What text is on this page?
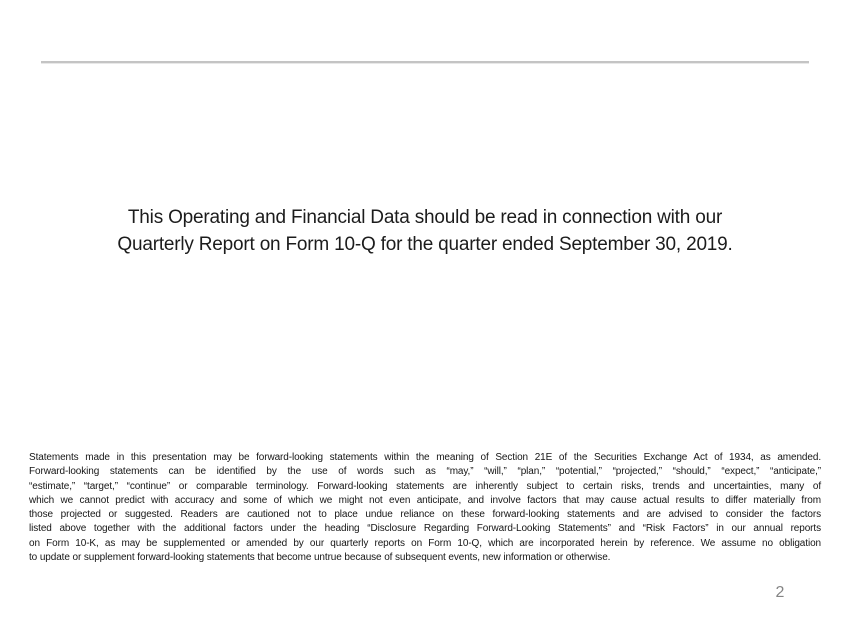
This Operating and Financial Data should be read in connection with our
Quarterly Report on Form 10-Q for the quarter ended September 30, 2019.
Statements made in this presentation may be forward-looking statements within the meaning of Section 21E of the Securities Exchange Act of 1934, as amended.
Forward-looking statements can be identified by the use of words such as “may,” “will,” “plan,” “potential,” “projected,” “should,” “expect,” “anticipate,”
“estimate,” “target,” “continue” or comparable terminology. Forward-looking statements are inherently subject to certain risks, trends and uncertainties, many of
which we cannot predict with accuracy and some of which we might not even anticipate, and involve factors that may cause actual results to differ materially from
those projected or suggested. Readers are cautioned not to place undue reliance on these forward-looking statements and are advised to consider the factors
listed above together with the additional factors under the heading “Disclosure Regarding Forward-Looking Statements” and “Risk Factors” in our annual reports
on Form 10-K, as may be supplemented or amended by our quarterly reports on Form 10-Q, which are incorporated herein by reference. We assume no obligation
to update or supplement forward-looking statements that become untrue because of subsequent events, new information or otherwise.
2
